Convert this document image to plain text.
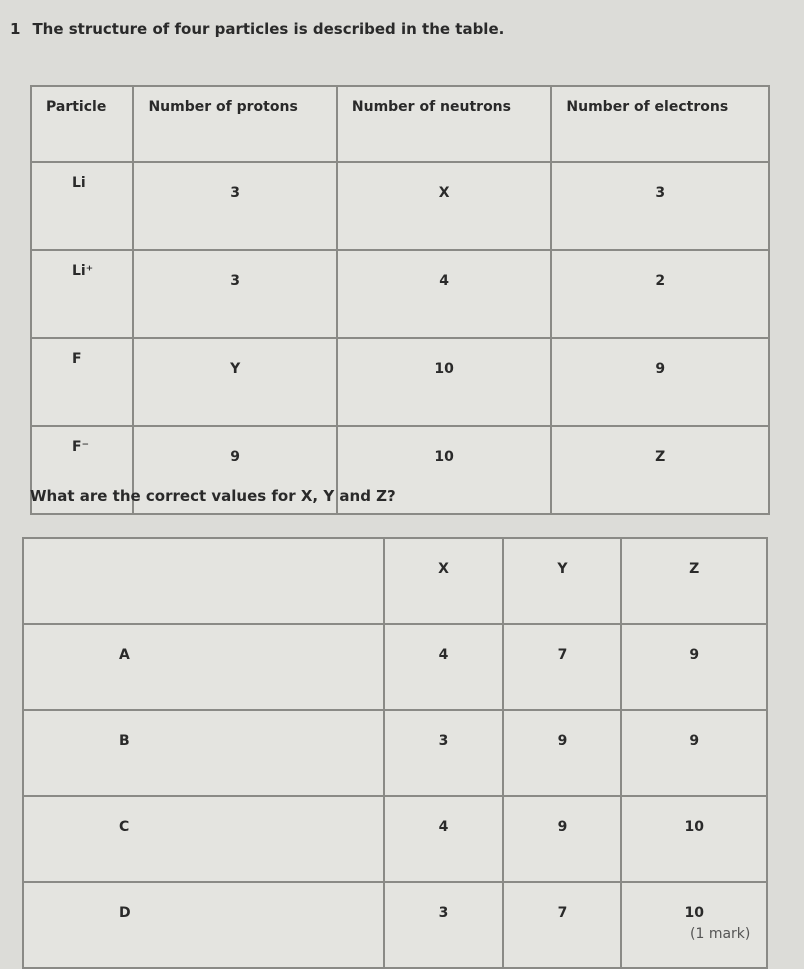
1 The structure of four particles is described in the table.
Particle	Number of protons	Number of neutrons	Number of electrons
Li	3	X	3
Li⁺	3	4	2
F	Y	10	9
F⁻	9	10	Z
What are the correct values for X, Y and Z?
	X	Y	Z
A	4	7	9
B	3	9	9
C	4	9	10
D	3	7	10
(1 mark)
